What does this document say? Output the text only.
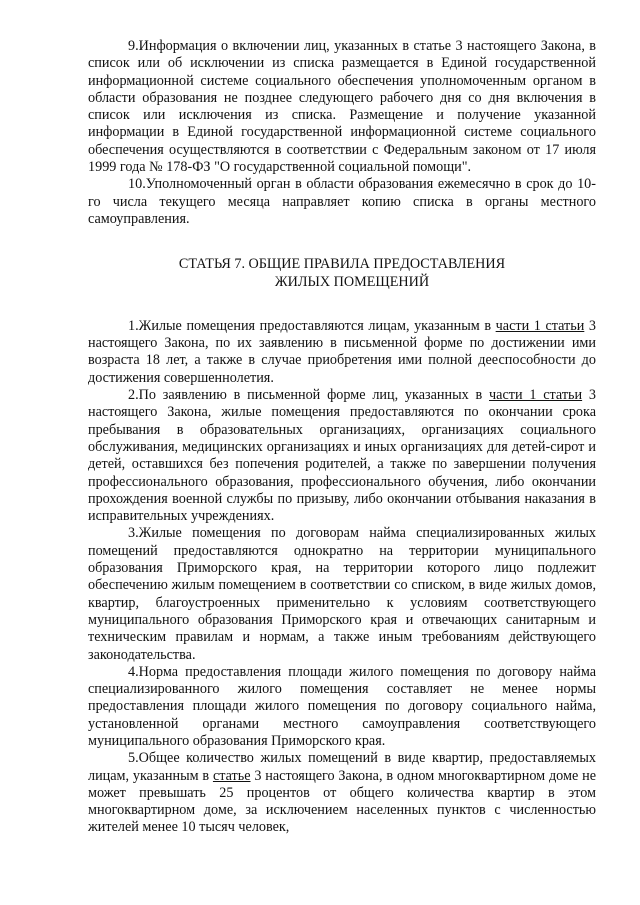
9.Информация о включении лиц, указанных в статье 3 настоящего Закона, в список или об исключении из списка размещается в Единой государственной информационной системе социального обеспечения уполномоченным органом в области образования не позднее следующего рабочего дня со дня включения в список или исключения из списка. Размещение и получение указанной информации в Единой государственной информационной системе социального обеспечения осуществляются в соответствии с Федеральным законом от 17 июля 1999 года № 178-ФЗ "О государственной социальной помощи".

10.Уполномоченный орган в области образования ежемесячно в срок до 10-го числа текущего месяца направляет копию списка в органы местного самоуправления.

СТАТЬЯ 7. ОБЩИЕ ПРАВИЛА ПРЕДОСТАВЛЕНИЯ
ЖИЛЫХ ПОМЕЩЕНИЙ

1.Жилые помещения предоставляются лицам, указанным в части 1 статьи 3 настоящего Закона, по их заявлению в письменной форме по достижении ими возраста 18 лет, а также в случае приобретения ими полной дееспособности до достижения совершеннолетия.

2.По заявлению в письменной форме лиц, указанных в части 1 статьи 3 настоящего Закона, жилые помещения предоставляются по окончании срока пребывания в образовательных организациях, организациях социального обслуживания, медицинских организациях и иных организациях для детей-сирот и детей, оставшихся без попечения родителей, а также по завершении получения профессионального образования, профессионального обучения, либо окончании прохождения военной службы по призыву, либо окончании отбывания наказания в исправительных учреждениях.

3.Жилые помещения по договорам найма специализированных жилых помещений предоставляются однократно на территории муниципального образования Приморского края, на территории которого лицо подлежит обеспечению жилым помещением в соответствии со списком, в виде жилых домов, квартир, благоустроенных применительно к условиям соответствующего муниципального образования Приморского края и отвечающих санитарным и техническим правилам и нормам, а также иным требованиям действующего законодательства.

4.Норма предоставления площади жилого помещения по договору найма специализированного жилого помещения составляет не менее нормы предоставления площади жилого помещения по договору социального найма, установленной органами местного самоуправления соответствующего муниципального образования Приморского края.

5.Общее количество жилых помещений в виде квартир, предоставляемых лицам, указанным в статье 3 настоящего Закона, в одном многоквартирном доме не может превышать 25 процентов от общего количества квартир в этом многоквартирном доме, за исключением населенных пунктов с численностью жителей менее 10 тысяч человек,
